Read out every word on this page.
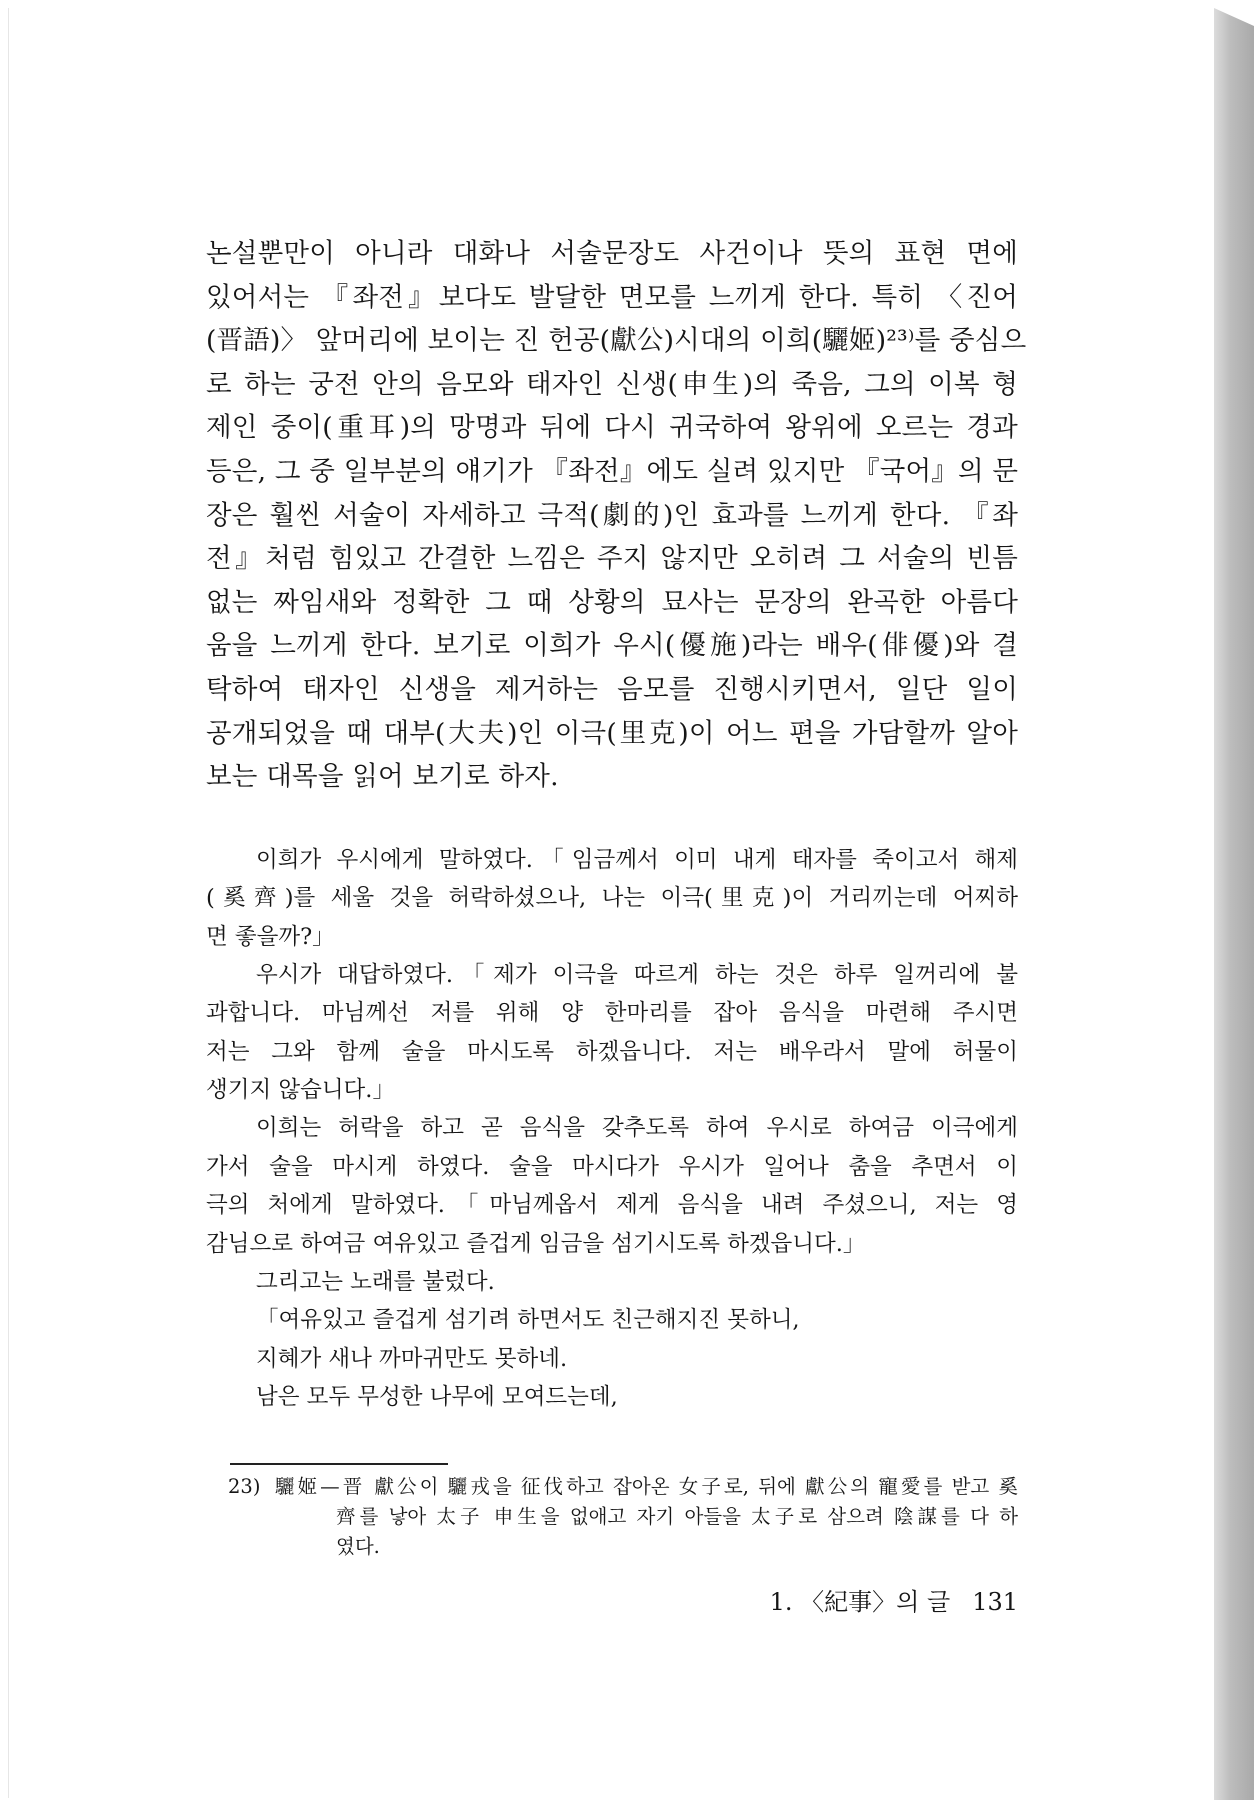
논설뿐만이 아니라 대화나 서술문장도 사건이나 뜻의 표현 면에
있어서는 『좌전』보다도 발달한 면모를 느끼게 한다. 특히 〈진어
(晋語)〉 앞머리에 보이는 진 헌공(獻公)시대의 이희(驪姬)²³⁾를 중심으
로 하는 궁전 안의 음모와 태자인 신생(申生)의 죽음, 그의 이복 형
제인 중이(重耳)의 망명과 뒤에 다시 귀국하여 왕위에 오르는 경과
등은, 그 중 일부분의 얘기가 『좌전』에도 실려 있지만 『국어』의 문
장은 훨씬 서술이 자세하고 극적(劇的)인 효과를 느끼게 한다. 『좌
전』처럼 힘있고 간결한 느낌은 주지 않지만 오히려 그 서술의 빈틈
없는 짜임새와 정확한 그 때 상황의 묘사는 문장의 완곡한 아름다
움을 느끼게 한다. 보기로 이희가 우시(優施)라는 배우(俳優)와 결
탁하여 태자인 신생을 제거하는 음모를 진행시키면서, 일단 일이
공개되었을 때 대부(大夫)인 이극(里克)이 어느 편을 가담할까 알아
보는 대목을 읽어 보기로 하자.
이희가 우시에게 말하였다.「임금께서 이미 내게 태자를 죽이고서 해제
(奚齊)를 세울 것을 허락하셨으나, 나는 이극(里克)이 거리끼는데 어찌하
면 좋을까?」
우시가 대답하였다.「제가 이극을 따르게 하는 것은 하루 일꺼리에 불
과합니다. 마님께선 저를 위해 양 한마리를 잡아 음식을 마련해 주시면
저는 그와 함께 술을 마시도록 하겠읍니다. 저는 배우라서 말에 허물이
생기지 않습니다.」
이희는 허락을 하고 곧 음식을 갖추도록 하여 우시로 하여금 이극에게
가서 술을 마시게 하였다. 술을 마시다가 우시가 일어나 춤을 추면서 이
극의 처에게 말하였다.「마님께옵서 제게 음식을 내려 주셨으니, 저는 영
감님으로 하여금 여유있고 즐겁게 임금을 섬기시도록 하겠읍니다.」
그리고는 노래를 불렀다.
「여유있고 즐겁게 섬기려 하면서도 친근해지진 못하니,
지혜가 새나 까마귀만도 못하네.
남은 모두 무성한 나무에 모여드는데,
23) 驪姬—晋 獻公이 驪戎을 征伐하고 잡아온 女子로, 뒤에 獻公의 寵愛를 받고 奚
齊를 낳아 太子 申生을 없애고 자기 아들을 太子로 삼으려 陰謀를 다 하
였다.
1. 〈紀事〉의 글 131
